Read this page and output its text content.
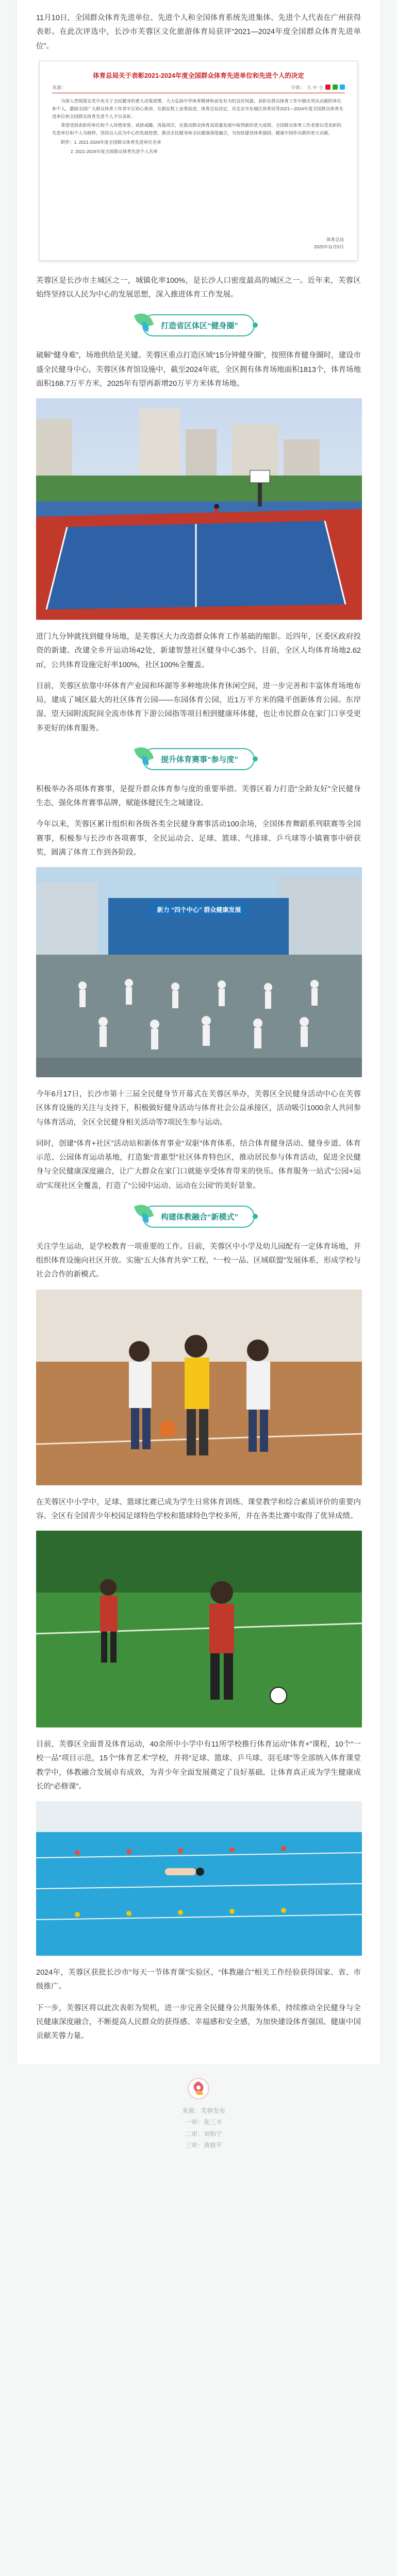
11月10日，全国群众体育先进单位、先进个人和全国体育系统先进集体、先进个人代表在广州获得表彰。在此次评选中，长沙市芙蓉区文化旅游体育局获评“2021—2024年度全国群众体育先进单位”。

体育总局关于表彰2021-2024年度全国群众体育先进单位和先进个人的决定
来源：	字体： 大 中 小

为深入贯彻落实党中央关于全民健身的重大决策部署，大力弘扬中华体育精神和奋发有为的良好风貌，表彰在群众体育工作中做出突出贡献的单位和个人，激励全国广大群众体育工作者牢记初心使命，在新征程上奋勇前进。体育总局决定，对北京市东城区体育局等2021—2024年度全国群众体育先进单位和全国群众体育先进个人予以表彰。

希望受到表彰的单位和个人珍惜荣誉，戒骄戒躁，再接再厉，在推动群众体育高质量发展中取得新的更大成绩。全国群众体育工作者要以受表彰的先进单位和个人为榜样，坚持以人民为中心的发展思想，推动全民健身和全民健康深度融合，为加快建设体育强国、健康中国作出新的更大贡献。

附件：1. 2021-2024年度全国群众体育先进单位名单

2. 2021-2024年度全国群众体育先进个人名单

体育总局
2025年11月5日

芙蓉区是长沙市主城区之一，城镇化率100%，是长沙人口密度最高的城区之一。近年来，芙蓉区始终坚持以人民为中心的发展思想，深入推进体育工作发展。

打造省区体区“健身圈”

破解“健身难”，场地供给是关键。芙蓉区重点打造区域“15分钟健身圈”，按照体育健身圈时，建设市盛全民健身中心，芙蓉区体育馆设施中，截至2024年底，全区拥有体育场地面积1813个，体育场地面积168.7万平方米，2025年有望再新增20万平方米体育场地。

进门九分钟就找到健身场地，是芙蓉区大力改造群众体育工作基础的缩影。近四年，区委区政府投资的新建、改建全乡开运动场42处，新建智慧社区健身中心35个。目前，全区人均体育场地2.62㎡，公共体育设施完好率100%，社区100%全覆盖。

目前，芙蓉区依靠中环体育产业园和环湖等多种地块体育休闲空间，进一步完善和丰富体育场地布局，建成了城区最大的社区体育公园——东园体育公园，近1万平方米的隆平创新体育公园。东岸湿、望天园附流院间全流市体育下游公园指等项目相到健康环体健，也让市民群众在家门口享受更多更好的体育服务。

提升体育赛事“参与度”

积极举办各项体育赛事，是提升群众体育参与度的重要举措。芙蓉区着力打造“全龄友好”全民健身生态，强化体育赛事品牌，赋能体健民生之城建设。

今年以来，芙蓉区累计组织和各级各类全民健身赛事活动100余场，全国体育舞蹈系列联赛等全国赛事，积极参与长沙市各项赛事，全民运动会、足球、篮球、气排球、乒乓球等小镇赛事中研获奖，圆满了体育工作到各阶段。

新力 “四个中心” 群众健康发展

今年6月17日，长沙市第十三届全民健身节开幕式在芙蓉区举办，芙蓉区全民健身活动中心在芙蓉区体育设施的关注与支持下，积极做好健身活动与体育社会公益承接区，活动吸引1000余人共同参与体育活动，全区全民健身相关活动等7项民生参与运动。

同时，创建“体育+社区”活动站和新体育事业“双驱”体育体系，结合体育健身活动、健身步道、体育示范、公园体育运动基地，打造集“普惠型”社区体育特色区，推动居民参与体育活动，促进全民健身与全民健康深度融合，让广大群众在家门口就能享受体育带来的快乐。体育服务一站式“公园+运动”实现社区全覆盖，打造了“公园中运动、运动在公园”的美好景象。

构建体教融合“新模式”

关注学生运动，是学校教育一项重要的工作。目前，芙蓉区中小学及幼儿园配有一定体育场地，并组织体育设施向社区开放。实施“五大体育共享”工程，“一校一品、区域联盟”发展体系，形成学校与社会合作的新模式。

在芙蓉区中小学中，足球、篮球比赛已成为学生日常体育训练、课堂教学和综合素质评价的重要内容。全区有全国青少年校园足球特色学校和篮球特色学校多所，并在各类比赛中取得了优异成绩。

目前，芙蓉区全面普及体育运动，40余所中小学中有11所学校推行体育运动“体育+”课程，10个“一校一品”项目示范，15个“体育艺术”学校，并将“足球、篮球、乒乓球、羽毛球”等全部纳入体育课堂教学中，体教融合发展卓有成效，为青少年全面发展奠定了良好基础，让体育真正成为学生健康成长的“必修课”。

2024年，芙蓉区获批长沙市“每天一节体育课”实验区，“体教融合”相关工作经验获得国家、省、市级推广。

下一步，芙蓉区将以此次表彰为契机，进一步完善全民健身公共服务体系，持续推动全民健身与全民健康深度融合，不断提高人民群众的获得感、幸福感和安全感，为加快建设体育强国、健康中国贡献芙蓉力量。

来源：芙蓉发布
一审：张三丰
二审：刘和宁
三审：黄格平
